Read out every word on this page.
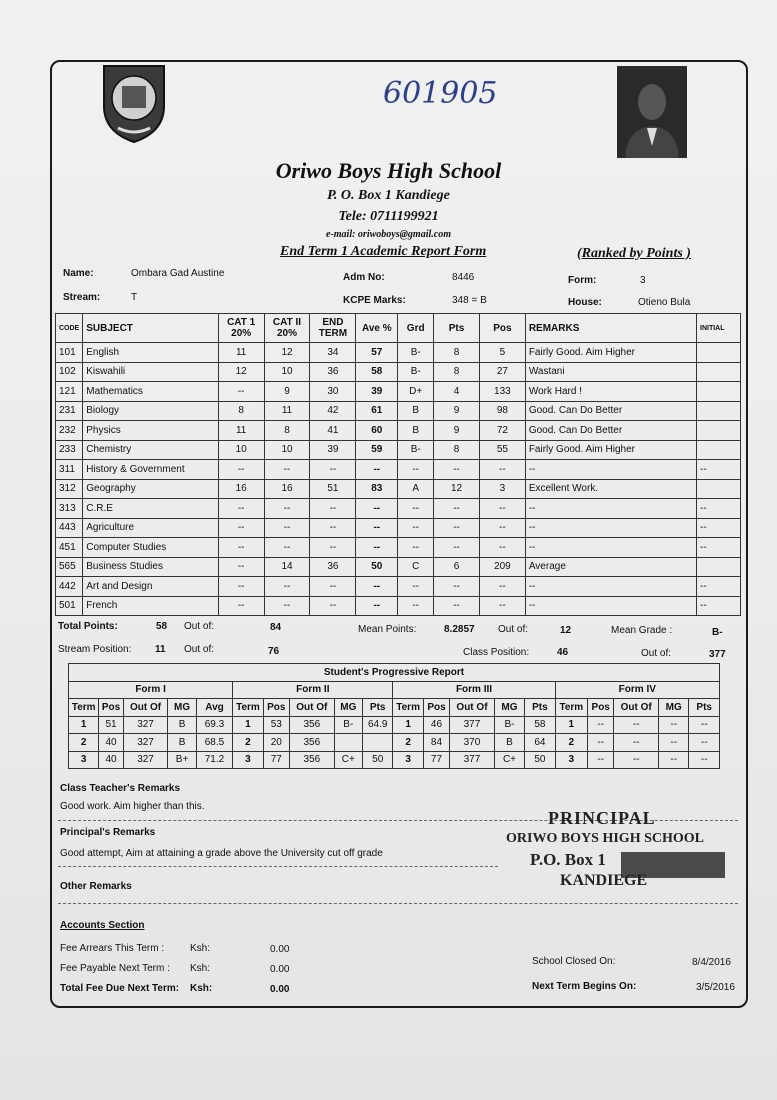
601905
Oriwo Boys High School
P. O. Box 1 Kandiege
Tele: 0711199921
e-mail: oriwoboys@gmail.com
End Term 1 Academic Report Form	(Ranked by Points )
Name:	Ombara Gad Austine	Adm No:	8446	Form:	3
Stream:	T	KCPE Marks:	348 = B	House:	Otieno Bula
CODE	SUBJECT	CAT 1 20%	CAT II 20%	END TERM	Ave %	Grd	Pts	Pos	REMARKS	INITIAL
101	English	11	12	34	57	B-	8	5	Fairly Good. Aim Higher	
102	Kiswahili	12	10	36	58	B-	8	27	Wastani	
121	Mathematics	--	9	30	39	D+	4	133	Work Hard !	
231	Biology	8	11	42	61	B	9	98	Good. Can Do Better	
232	Physics	11	8	41	60	B	9	72	Good. Can Do Better	
233	Chemistry	10	10	39	59	B-	8	55	Fairly Good. Aim Higher	
311	History & Government	--	--	--	--	--	--	--	--	--
312	Geography	16	16	51	83	A	12	3	Excellent Work.	
313	C.R.E	--	--	--	--	--	--	--	--	--
443	Agriculture	--	--	--	--	--	--	--	--	--
451	Computer Studies	--	--	--	--	--	--	--	--	--
565	Business Studies	--	14	36	50	C	6	209	Average	
442	Art and Design	--	--	--	--	--	--	--	--	--
501	French	--	--	--	--	--	--	--	--	--
Total Points:	58 Out of:	84	Mean Points:	8.2857 Out of:	12	Mean Grade :	B-
Stream Position: 11 Out of:	76	Class Position:	46	Out of:	377
Student's Progressive Report																			
Form I					Form II					Form III					Form IV				
Term	Pos	Out Of	MG	Avg	Term	Pos	Out Of	MG	Pts	Term	Pos	Out Of	MG	Pts	Term	Pos	Out Of	MG	Pts
1	51	327	B	69.3	1	53	356	B-	64.9	1	46	377	B-	58	1	--	--	--	--
2	40	327	B	68.5	2	20	356			2	84	370	B	64	2	--	--	--	--
3	40	327	B+	71.2	3	77	356	C+	50	3	77	377	C+	50	3	--	--	--	--
Class Teacher's Remarks
Good work. Aim higher than this.
Principal's Remarks
Good attempt, Aim at attaining a grade above the University cut off grade
Other Remarks
PRINCIPAL
ORIWO BOYS HIGH SCHOOL
P.O. Box 1
KANDIEGE
Accounts Section
Fee Arrears This Term :	Ksh:	0.00
Fee Payable Next Term : Ksh:	0.00
Total Fee Due Next Term: Ksh:	0.00
School Closed On:	8/4/2016
Next Term Begins On:	3/5/2016
